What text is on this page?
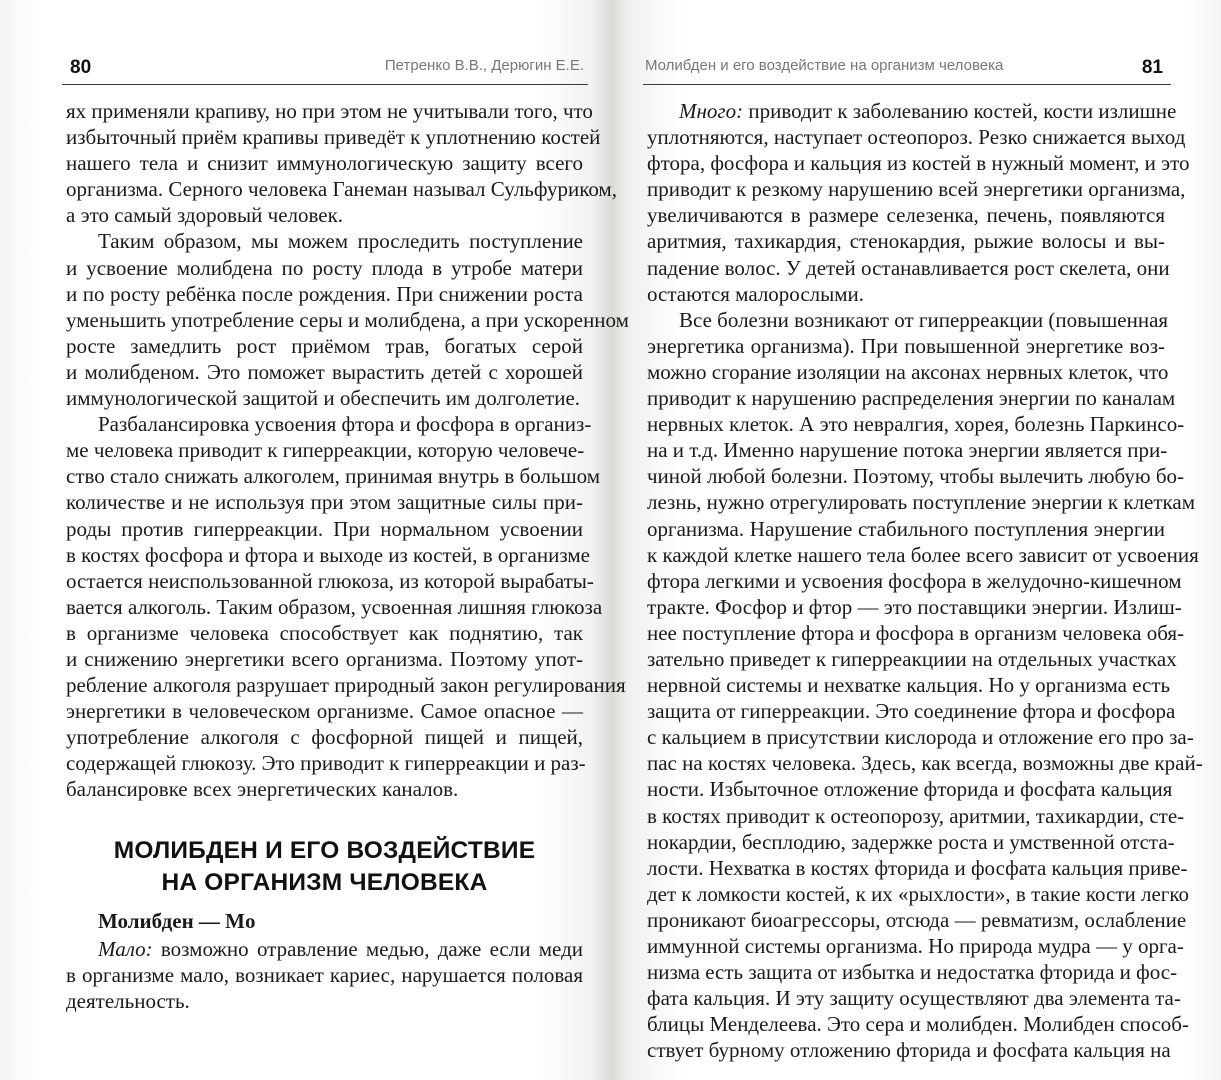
80	Петренко В.В., Дерюгин Е.Е.
ях применяли крапиву, но при этом не учитывали того, что
избыточный приём крапивы приведёт к уплотнению костей
нашего тела и снизит иммунологическую защиту всего
организма. Серного человека Ганеман называл Сульфуриком,
а это самый здоровый человек.
Таким образом, мы можем проследить поступление
и усвоение молибдена по росту плода в утробе матери
и по росту ребёнка после рождения. При снижении роста
уменьшить употребление серы и молибдена, а при ускоренном
росте замедлить рост приёмом трав, богатых серой
и молибденом. Это поможет вырастить детей с хорошей
иммунологической защитой и обеспечить им долголетие.
Разбалансировка усвоения фтора и фосфора в организ-
ме человека приводит к гиперреакции, которую человече-
ство стало снижать алкоголем, принимая внутрь в большом
количестве и не используя при этом защитные силы при-
роды против гиперреакции. При нормальном усвоении
в костях фосфора и фтора и выходе из костей, в организме
остается неиспользованной глюкоза, из которой вырабаты-
вается алкоголь. Таким образом, усвоенная лишняя глюкоза
в организме человека способствует как поднятию, так
и снижению энергетики всего организма. Поэтому упот-
ребление алкоголя разрушает природный закон регулирования
энергетики в человеческом организме. Самое опасное —
употребление алкоголя с фосфорной пищей и пищей,
содержащей глюкозу. Это приводит к гиперреакции и раз-
балансировке всех энергетических каналов.
МОЛИБДЕН И ЕГО ВОЗДЕЙСТВИЕ
НА ОРГАНИЗМ ЧЕЛОВЕКА
Молибден — Mo
Мало: возможно отравление медью, даже если меди
в организме мало, возникает кариес, нарушается половая
деятельность.
Молибден и его воздействие на организм человека	81
Много: приводит к заболеванию костей, кости излишне
уплотняются, наступает остеопороз. Резко снижается выход
фтора, фосфора и кальция из костей в нужный момент, и это
приводит к резкому нарушению всей энергетики организма,
увеличиваются в размере селезенка, печень, появляются
аритмия, тахикардия, стенокардия, рыжие волосы и вы-
падение волос. У детей останавливается рост скелета, они
остаются малорослыми.
Все болезни возникают от гиперреакции (повышенная
энергетика организма). При повышенной энергетике воз-
можно сгорание изоляции на аксонах нервных клеток, что
приводит к нарушению распределения энергии по каналам
нервных клеток. А это невралгия, хорея, болезнь Паркинсо-
на и т.д. Именно нарушение потока энергии является при-
чиной любой болезни. Поэтому, чтобы вылечить любую бо-
лезнь, нужно отрегулировать поступление энергии к клеткам
организма. Нарушение стабильного поступления энергии
к каждой клетке нашего тела более всего зависит от усвоения
фтора легкими и усвоения фосфора в желудочно-кишечном
тракте. Фосфор и фтор — это поставщики энергии. Излиш-
нее поступление фтора и фосфора в организм человека обя-
зательно приведет к гиперреакциии на отдельных участках
нервной системы и нехватке кальция. Но у организма есть
защита от гиперреакции. Это соединение фтора и фосфора
с кальцием в присутствии кислорода и отложение его про за-
пас на костях человека. Здесь, как всегда, возможны две край-
ности. Избыточное отложение фторида и фосфата кальция
в костях приводит к остеопорозу, аритмии, тахикардии, сте-
нокардии, бесплодию, задержке роста и умственной отста-
лости. Нехватка в костях фторида и фосфата кальция приве-
дет к ломкости костей, к их «рыхлости», в такие кости легко
проникают биоагрессоры, отсюда — ревматизм, ослабление
иммунной системы организма. Но природа мудра — у орга-
низма есть защита от избытка и недостатка фторида и фос-
фата кальция. И эту защиту осуществляют два элемента та-
блицы Менделеева. Это сера и молибден. Молибден способ-
ствует бурному отложению фторида и фосфата кальция на
